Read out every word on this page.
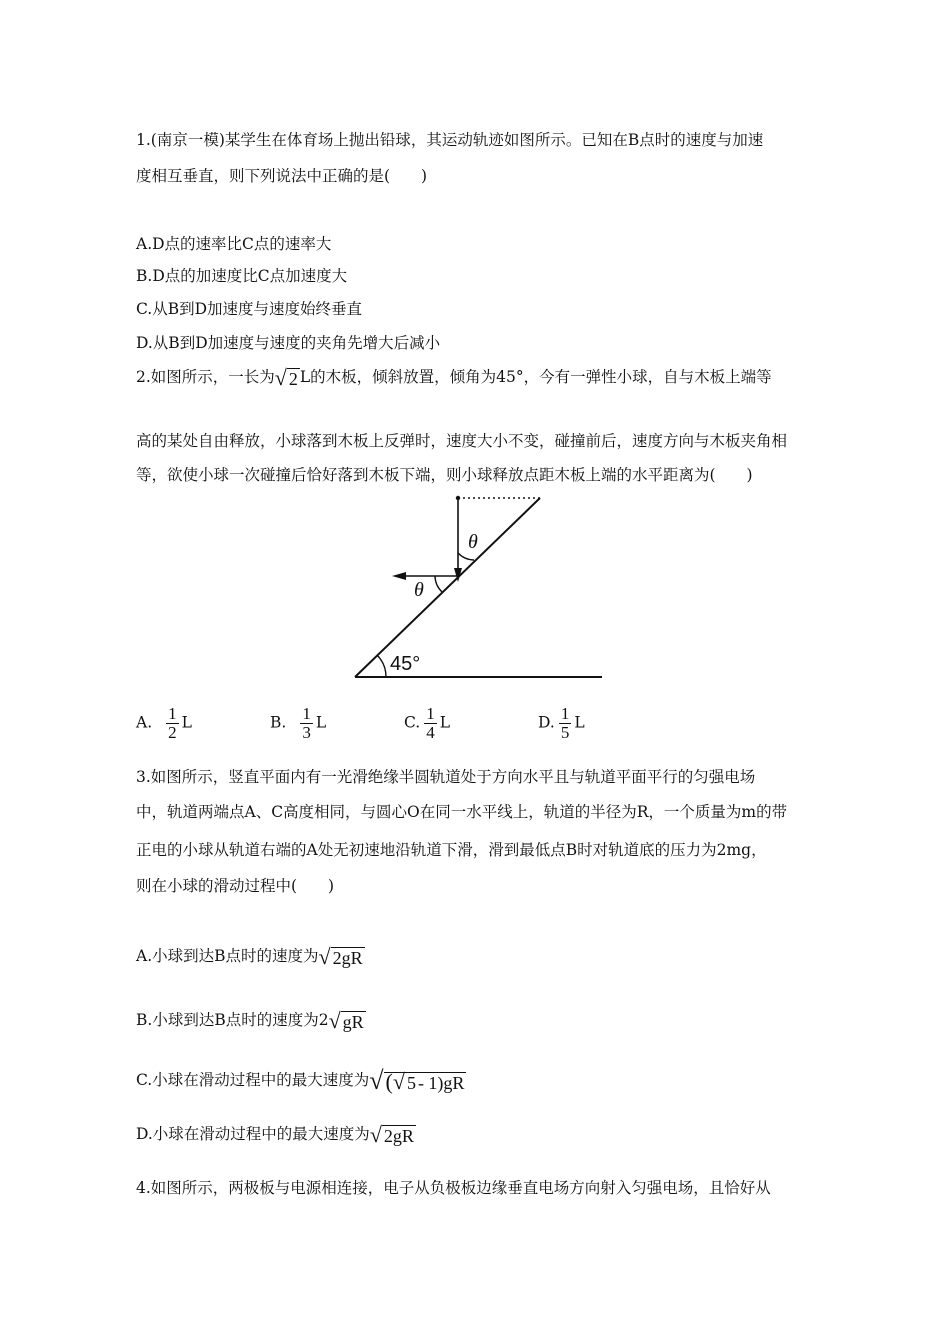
1.(南京一模)某学生在体育场上抛出铅球，其运动轨迹如图所示。已知在B点时的速度与加速
度相互垂直，则下列说法中正确的是(　　)
A.D点的速率比C点的速率大
B.D点的加速度比C点加速度大
C.从B到D加速度与速度始终垂直
D.从B到D加速度与速度的夹角先增大后减小
2.如图所示，一长为√ 2 L的木板，倾斜放置，倾角为45°，今有一弹性小球，自与木板上端等
高的某处自由释放，小球落到木板上反弹时，速度大小不变，碰撞前后，速度方向与木板夹角相
等，欲使小球一次碰撞后恰好落到木板下端，则小球释放点距木板上端的水平距离为(　　)
θ
θ
45°
A. $\frac{1}{2}$ L	B. $\frac{1}{3}$ L	C. $\frac{1}{4}$ L	D. $\frac{1}{5}$ L
3.如图所示，竖直平面内有一光滑绝缘半圆轨道处于方向水平且与轨道平面平行的匀强电场
中，轨道两端点A、C高度相同，与圆心O在同一水平线上，轨道的半径为R，一个质量为m的带
正电的小球从轨道右端的A处无初速地沿轨道下滑，滑到最低点B时对轨道底的压力为2mg，
则在小球的滑动过程中(　　)
A.小球到达B点时的速度为√ 2gR
B.小球到达B点时的速度为2√ gR
C.小球在滑动过程中的最大速度为√(√ 5 - 1)gR
D.小球在滑动过程中的最大速度为√ 2gR
4.如图所示，两极板与电源相连接，电子从负极板边缘垂直电场方向射入匀强电场，且恰好从
